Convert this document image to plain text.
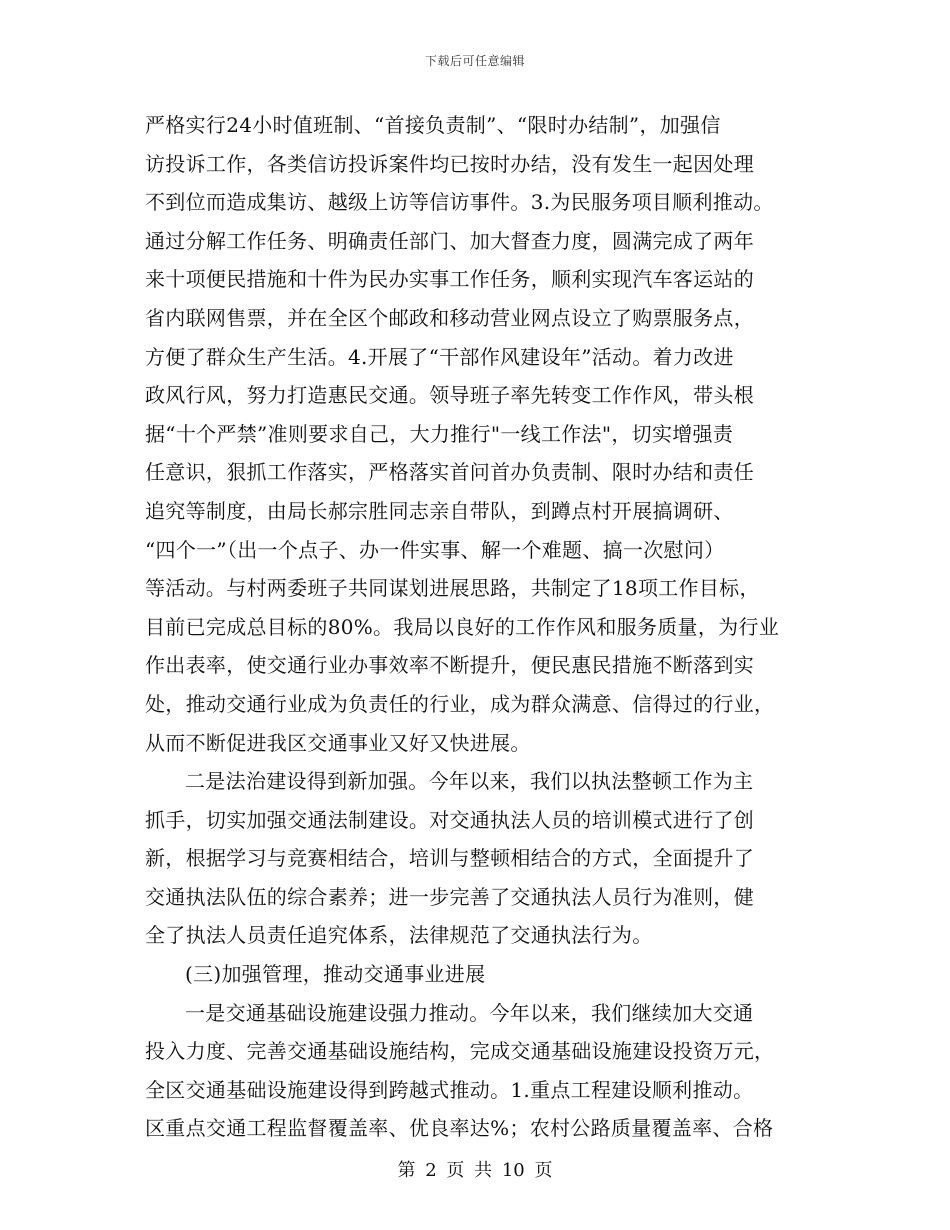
下载后可任意编辑
严格实行24小时值班制、“首接负责制”、“限时办结制”，加强信
访投诉工作，各类信访投诉案件均已按时办结，没有发生一起因处理
不到位而造成集访、越级上访等信访事件。3.为民服务项目顺利推动。
通过分解工作任务、明确责任部门、加大督查力度，圆满完成了两年
来十项便民措施和十件为民办实事工作任务，顺利实现汽车客运站的
省内联网售票，并在全区个邮政和移动营业网点设立了购票服务点，
方便了群众生产生活。4.开展了“干部作风建设年”活动。着力改进
政风行风，努力打造惠民交通。领导班子率先转变工作作风，带头根
据“十个严禁”准则要求自己，大力推行"一线工作法"，切实增强责
任意识，狠抓工作落实，严格落实首问首办负责制、限时办结和责任
追究等制度，由局长郝宗胜同志亲自带队，到蹲点村开展搞调研、
“四个一”（出一个点子、办一件实事、解一个难题、搞一次慰问）
等活动。与村两委班子共同谋划进展思路，共制定了18项工作目标，
目前已完成总目标的80%。我局以良好的工作作风和服务质量，为行业
作出表率，使交通行业办事效率不断提升，便民惠民措施不断落到实
处，推动交通行业成为负责任的行业，成为群众满意、信得过的行业，
从而不断促进我区交通事业又好又快进展。
二是法治建设得到新加强。今年以来，我们以执法整顿工作为主
抓手，切实加强交通法制建设。对交通执法人员的培训模式进行了创
新，根据学习与竞赛相结合，培训与整顿相结合的方式，全面提升了
交通执法队伍的综合素养；进一步完善了交通执法人员行为准则，健
全了执法人员责任追究体系，法律规范了交通执法行为。
(三)加强管理，推动交通事业进展
一是交通基础设施建设强力推动。今年以来，我们继续加大交通
投入力度、完善交通基础设施结构，完成交通基础设施建设投资万元，
全区交通基础设施建设得到跨越式推动。1.重点工程建设顺利推动。
区重点交通工程监督覆盖率、优良率达%；农村公路质量覆盖率、合格
第 2 页 共 10 页
